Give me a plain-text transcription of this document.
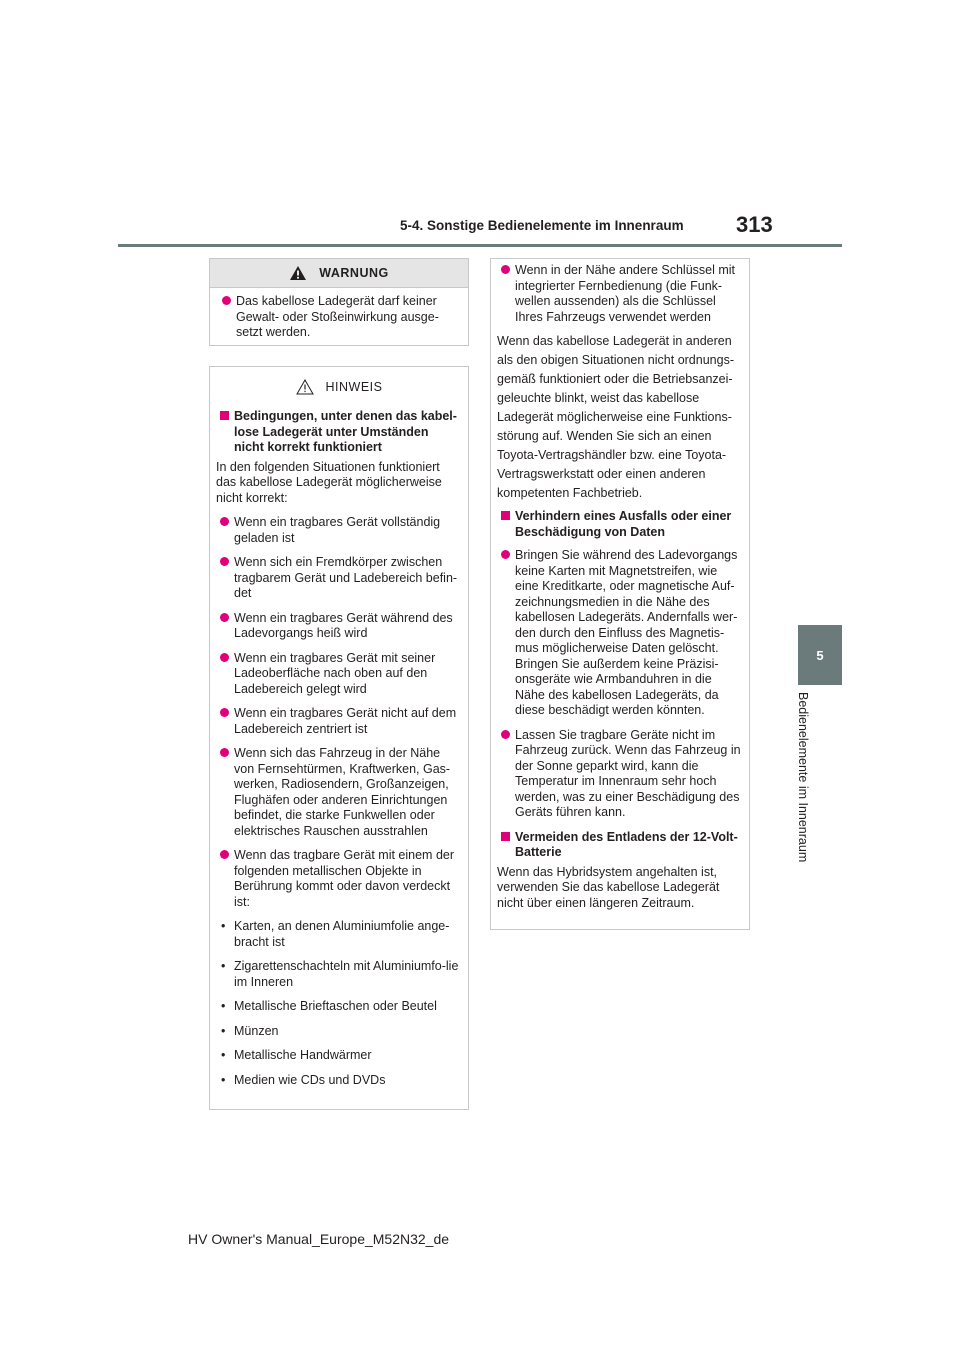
5-4. Sonstige Bedienelemente im Innenraum 313
5
Bedienelemente im Innenraum
WARNUNG

Das kabellose Ladegerät darf keiner Gewalt- oder Stoßeinwirkung ausge-setzt werden.

HINWEIS

Bedingungen, unter denen das kabel-lose Ladegerät unter Umständen nicht korrekt funktioniert

In den folgenden Situationen funktioniert das kabellose Ladegerät möglicherweise nicht korrekt:

Wenn ein tragbares Gerät vollständig geladen ist

Wenn sich ein Fremdkörper zwischen tragbarem Gerät und Ladebereich befin-det

Wenn ein tragbares Gerät während des Ladevorgangs heiß wird

Wenn ein tragbares Gerät mit seiner Ladeoberfläche nach oben auf den Ladebereich gelegt wird

Wenn ein tragbares Gerät nicht auf dem Ladebereich zentriert ist

Wenn sich das Fahrzeug in der Nähe von Fernsehtürmen, Kraftwerken, Gas-werken, Radiosendern, Großanzeigen, Flughäfen oder anderen Einrichtungen befindet, die starke Funkwellen oder elektrisches Rauschen ausstrahlen

Wenn das tragbare Gerät mit einem der folgenden metallischen Objekte in Berührung kommt oder davon verdeckt ist:

• Karten, an denen Aluminiumfolie ange-bracht ist

• Zigarettenschachteln mit Aluminiumfo-lie im Inneren

• Metallische Brieftaschen oder Beutel

• Münzen

• Metallische Handwärmer

• Medien wie CDs und DVDs

Wenn in der Nähe andere Schlüssel mit integrierter Fernbedienung (die Funk-wellen aussenden) als die Schlüssel Ihres Fahrzeugs verwendet werden

Wenn das kabellose Ladegerät in anderen als den obigen Situationen nicht ordnungs-gemäß funktioniert oder die Betriebsanzei-geleuchte blinkt, weist das kabellose Ladegerät möglicherweise eine Funktions-störung auf. Wenden Sie sich an einen Toyota-Vertragshändler bzw. eine Toyota-Vertragswerkstatt oder einen anderen kompetenten Fachbetrieb.

Verhindern eines Ausfalls oder einer Beschädigung von Daten

Bringen Sie während des Ladevorgangs keine Karten mit Magnetstreifen, wie eine Kreditkarte, oder magnetische Auf-zeichnungsmedien in die Nähe des kabellosen Ladegeräts. Andernfalls wer-den durch den Einfluss des Magnetis-mus möglicherweise Daten gelöscht. Bringen Sie außerdem keine Präzisi-onsgeräte wie Armbanduhren in die Nähe des kabellosen Ladegeräts, da diese beschädigt werden könnten.

Lassen Sie tragbare Geräte nicht im Fahrzeug zurück. Wenn das Fahrzeug in der Sonne geparkt wird, kann die Temperatur im Innenraum sehr hoch werden, was zu einer Beschädigung des Geräts führen kann.

Vermeiden des Entladens der 12-Volt-Batterie

Wenn das Hybridsystem angehalten ist, verwenden Sie das kabellose Ladegerät nicht über einen längeren Zeitraum.

HV Owner's Manual_Europe_M52N32_de
